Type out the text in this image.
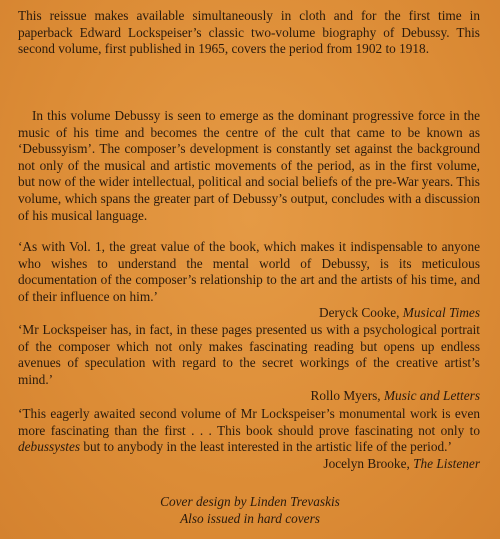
This reissue makes available simultaneously in cloth and for the first time in paperback Edward Lockspeiser’s classic two-volume biography of Debussy. This second volume, first published in 1965, covers the period from 1902 to 1918.
In this volume Debussy is seen to emerge as the dominant progressive force in the music of his time and becomes the centre of the cult that came to be known as ‘Debussyism’. The composer’s development is constantly set against the background not only of the musical and artistic movements of the period, as in the first volume, but now of the wider intellectual, political and social beliefs of the pre-War years. This volume, which spans the greater part of Debussy’s output, concludes with a discussion of his musical language.
‘As with Vol. 1, the great value of the book, which makes it indispensable to anyone who wishes to understand the mental world of Debussy, is its meticulous documentation of the composer’s relationship to the art and the artists of his time, and of their influence on him.’
Deryck Cooke, Musical Times
‘Mr Lockspeiser has, in fact, in these pages presented us with a psychological portrait of the composer which not only makes fascinating reading but opens up endless avenues of speculation with regard to the secret workings of the creative artist’s mind.’
Rollo Myers, Music and Letters
‘This eagerly awaited second volume of Mr Lockspeiser’s monumental work is even more fascinating than the first . . . This book should prove fascinating not only to debussystes but to anybody in the least interested in the artistic life of the period.’
Jocelyn Brooke, The Listener
Cover design by Linden Trevaskis
Also issued in hard covers
